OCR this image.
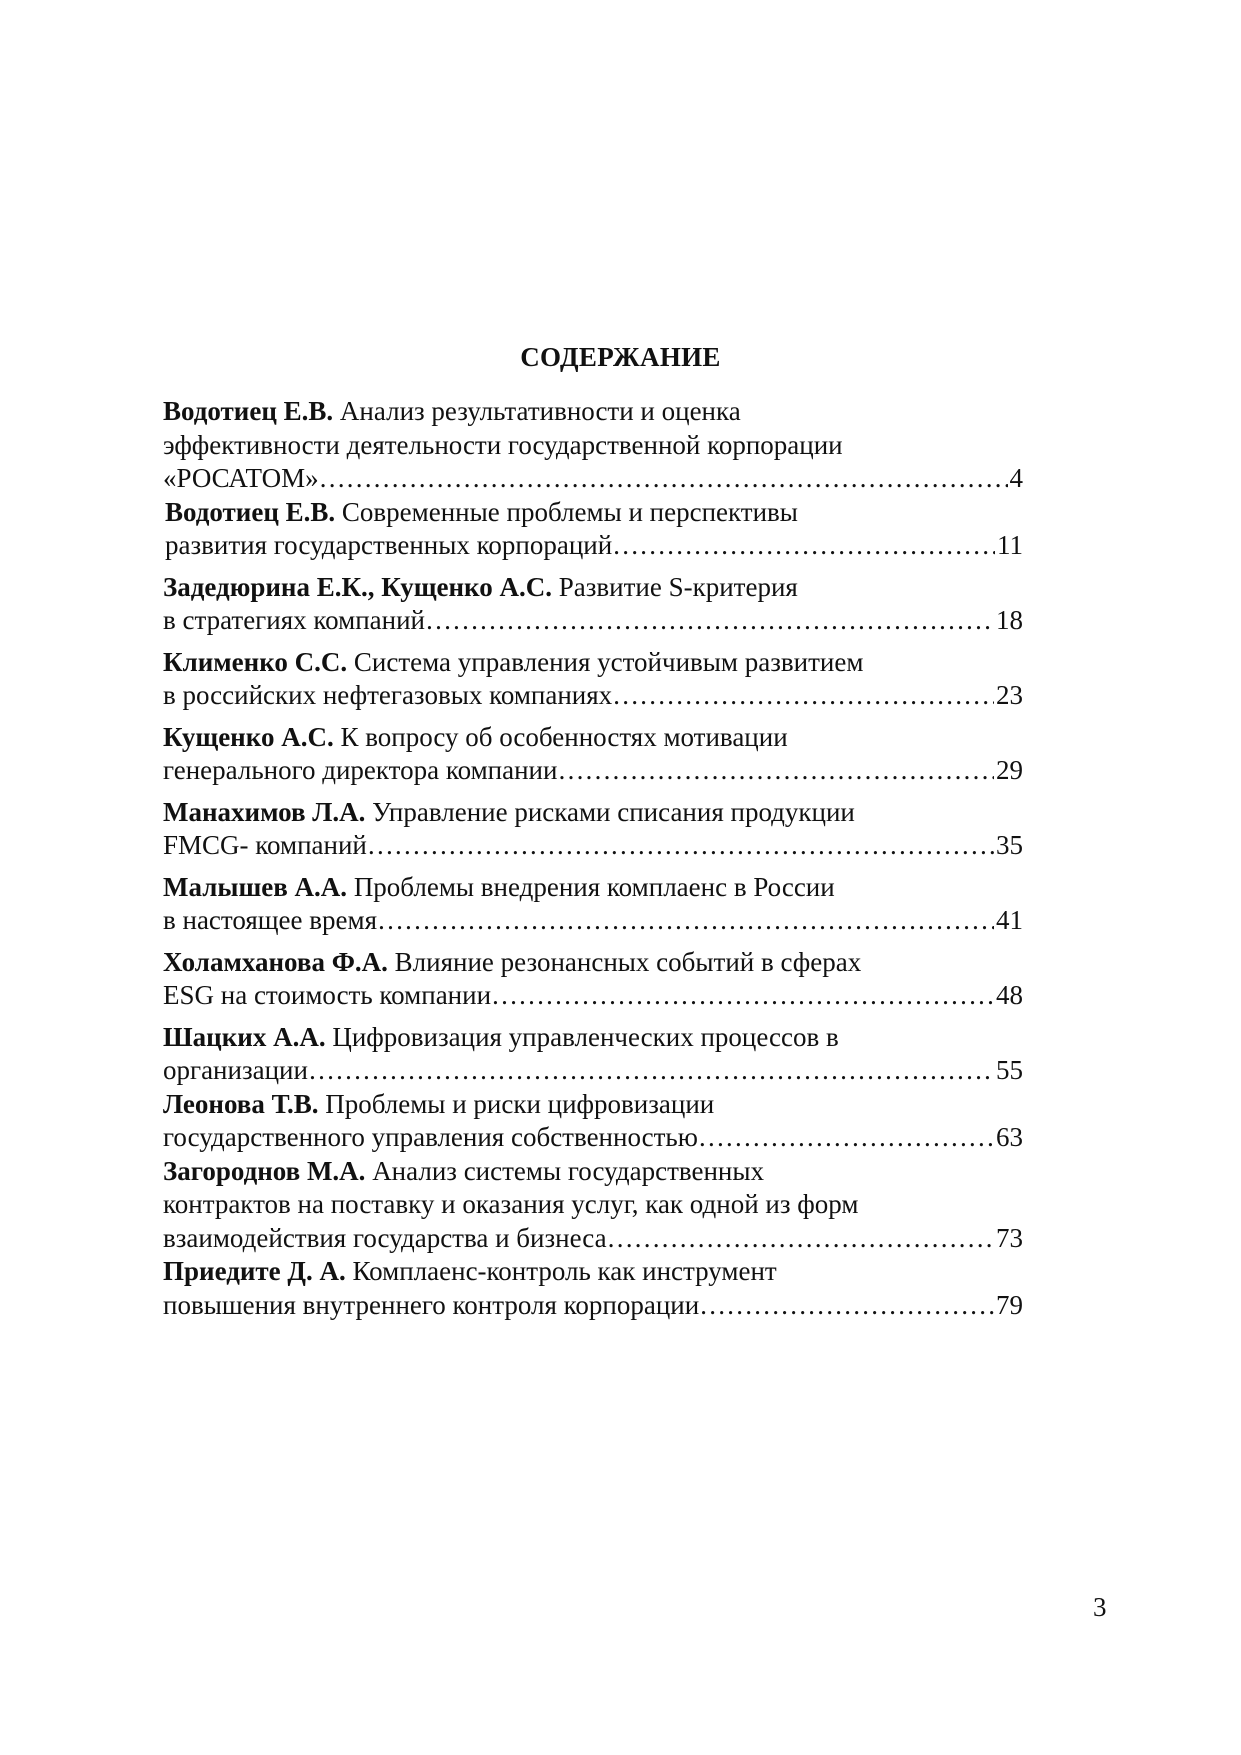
СОДЕРЖАНИЕ
Водотиец Е.В. Анализ результативности и оценка
эффективности деятельности государственной корпорации
«РОСАТОМ» ……………………………………………………………………………………………………………………………………………	4
Водотиец Е.В. Современные проблемы и перспективы
развития государственных корпораций ……………………………………………………………………………………………………………………………………………	11
Задедюрина Е.К., Кущенко А.С. Развитие S-критерия
в стратегиях компаний ……………………………………………………………………………………………………………………………………………	18
Клименко С.С. Система управления устойчивым развитием
в российских нефтегазовых компаниях ……………………………………………………………………………………………………………………………………………	23
Кущенко А.С. К вопросу об особенностях мотивации
генерального директора компании ……………………………………………………………………………………………………………………………………………	29
Манахимов Л.А. Управление рисками списания продукции
FMCG- компаний ……………………………………………………………………………………………………………………………………………	35
Малышев А.А. Проблемы внедрения комплаенс в России
в настоящее время ……………………………………………………………………………………………………………………………………………	41
Холамханова Ф.А. Влияние резонансных событий в сферах
ESG на стоимость компании ……………………………………………………………………………………………………………………………………………	48
Шацких А.А. Цифровизация управленческих процессов в
организации ……………………………………………………………………………………………………………………………………………	55
Леонова Т.В. Проблемы и риски цифровизации
государственного управления собственностью ……………………………………………………………………………………………………………………………………………	63
Загороднов М.А. Анализ системы государственных
контрактов на поставку и оказания услуг, как одной из форм
взаимодействия государства и бизнеса ……………………………………………………………………………………………………………………………………………	73
Приедите Д. А. Комплаенс-контроль как инструмент
повышения внутреннего контроля корпорации ……………………………………………………………………………………………………………………………………………	79
3
